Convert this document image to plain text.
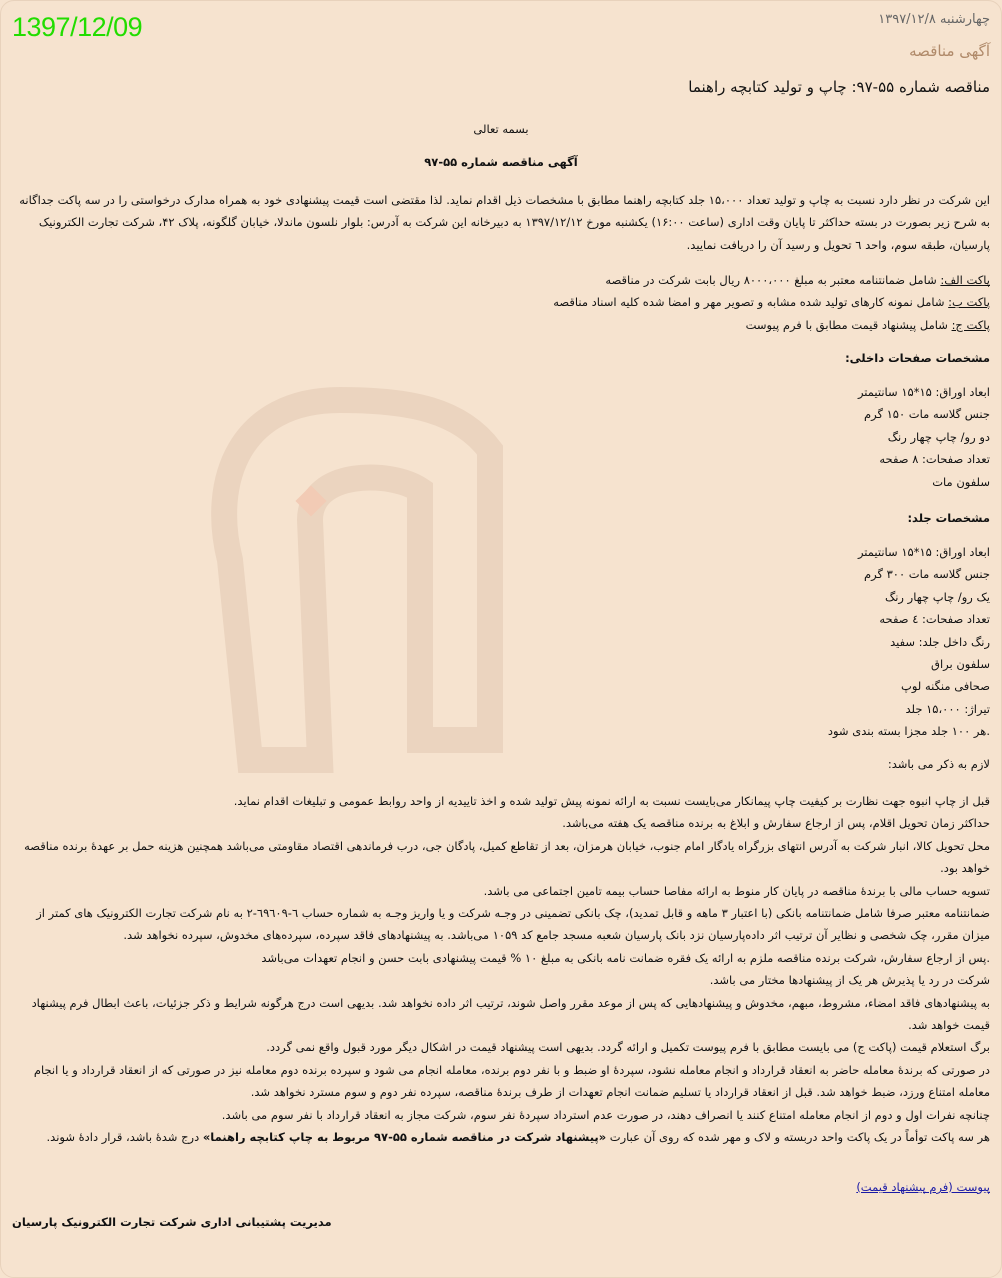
1397/12/09	چهارشنبه ۱۳۹۷/۱۲/۸
آگهی مناقصه
مناقصه شماره ۵۵-۹۷: چاپ و تولید کتابچه راهنما
بسمه تعالی
آگهی مناقصه شماره ۵۵-۹۷
این شرکت در نظر دارد نسبت به چاپ و تولید تعداد ۱۵،۰۰۰ جلد کتابچه راهنما مطابق با مشخصات ذیل اقدام نماید. لذا مقتضی است قیمت پیشنهادی خود به همراه مدارک درخواستی را در سه پاکت جداگانه به شرح زیر بصورت در بسته حداکثر تا پایان وقت اداری (ساعت ۱۶:۰۰) یکشنبه مورخ ۱۳۹۷/۱۲/۱۲ به دبیرخانه این شرکت به آدرس: بلوار نلسون ماندلا، خیابان گلگونه، پلاک ۴۲، شرکت تجارت الکترونیک پارسیان، طبقه سوم، واحد ٦ تحویل و رسید آن را دریافت نمایید.

پاکت الف: شامل ضمانتنامه معتبر به مبلغ ۸۰۰۰،۰۰۰ ریال بابت شرکت در مناقصه

پاکت ب: شامل نمونه کارهای تولید شده مشابه و تصویر مهر و امضا شده کلیه اسناد مناقصه

پاکت ج: شامل پیشنهاد قیمت مطابق با فرم پیوست

مشخصات صفحات داخلی:

ابعاد اوراق: ۱۵*۱۵ سانتیمتر

جنس گلاسه مات ۱۵۰ گرم

دو رو/ چاپ چهار رنگ

تعداد صفحات: ۸ صفحه

سلفون مات

مشخصات جلد:

ابعاد اوراق: ۱۵*۱۵ سانتیمتر

جنس گلاسه مات ۳۰۰ گرم

یک رو/ چاپ چهار رنگ

تعداد صفحات: ٤ صفحه

رنگ داخل جلد: سفید

سلفون براق

صحافی منگنه لوپ

تیراژ: ۱۵،۰۰۰ جلد

.هر ۱۰۰ جلد مجزا بسته بندی شود

لازم به ذکر می باشد:

قبل از چاپ انبوه جهت نظارت بر کیفیت چاپ پیمانکار می‌بایست نسبت به ارائه نمونه پیش تولید شده و اخذ تاییدیه از واحد روابط عمومی و تبلیغات اقدام نماید.

حداکثر زمان تحویل اقلام، پس از ارجاع سفارش و ابلاغ به برنده مناقصه یک هفته می‌باشد.

محل تحویل کالا، انبار شرکت به آدرس انتهای بزرگراه یادگار امام جنوب، خیابان هرمزان، بعد از تقاطع کمیل، پادگان جی، درب فرماندهی اقتصاد مقاومتی می‌باشد همچنین هزینه حمل بر عهدهٔ برنده مناقصه خواهد بود.

تسویه حساب مالی با برندهٔ مناقصه در پایان کار منوط به ارائه مفاصا حساب بیمه تامین اجتماعی می باشد.

ضمانتنامه معتبر صرفا شامل ضمانتنامه بانکی (با اعتبار ۳ ماهه و قابل تمدید)، چک بانکی تضمینی در وجـه شرکت و یا واریز وجـه به شماره حساب ٦-٦٩٦٠٩-٢ به نام شرکت تجارت الکترونیک های کمتر از میزان مقرر، چک شخصی و نظایر آن ترتیب اثر داده‌پارسیان نزد بانک پارسیان شعبه مسجد جامع کد ۱۰۵۹ می‌باشد. به پیشنهادهای فاقد سپرده، سپرده‌های مخدوش، سپرده نخواهد شد.

.پس از ارجاع سفارش، شرکت برنده مناقصه ملزم به ارائه یک فقره ضمانت نامه بانکی به مبلغ ۱۰ % قیمت پیشنهادی بابت حسن و انجام تعهدات می‌باشد

شرکت در رد یا پذیرش هر یک از پیشنهادها مختار می باشد.

به پیشنهادهای فاقد امضاء، مشروط، مبهم، مخدوش و پیشنهادهایی که پس از موعد مقرر واصل شوند، ترتیب اثر داده نخواهد شد. بدیهی است درج هرگونه شرایط و ذکر جزئیات، باعث ابطال فرم پیشنهاد قیمت خواهد شد.

برگ استعلام قیمت (پاکت ج) می بایست مطابق با فرم پیوست تکمیل و ارائه گردد. بدیهی است پیشنهاد قیمت در اشکال دیگر مورد قبول واقع نمی گردد.

در صورتی که برندهٔ معامله حاضر به انعقاد قرارداد و انجام معامله نشود، سپردهٔ او ضبط و با نفر دوم برنده، معامله انجام می شود و سپرده برنده دوم معامله نیز در صورتی که از انعقاد قرارداد و یا انجام معامله امتناع ورزد، ضبط خواهد شد. قبل از انعقاد قرارداد یا تسلیم ضمانت انجام تعهدات از طرف برندهٔ مناقصه، سپرده نفر دوم و سوم مسترد نخواهد شد.

چنانچه نفرات اول و دوم از انجام معامله امتناع کنند یا انصراف دهند، در صورت عدم استرداد سپردهٔ نفر سوم، شرکت مجاز به انعقاد قرارداد با نفر سوم می باشد.

هر سه پاکت توأماً در یک پاکت واحد دربسته و لاک و مهر شده که روی آن عبارت «پیشنهاد شرکت در مناقصه شماره ۵۵-۹۷ مربوط به چاپ کتابچه راهنما» درج شدهٔ باشد، قرار دادهٔ شوند.

پیوست (فرم پیشنهاد قیمت)
مدیریت پشتیبانی اداری شرکت تجارت الکترونیک پارسیان
